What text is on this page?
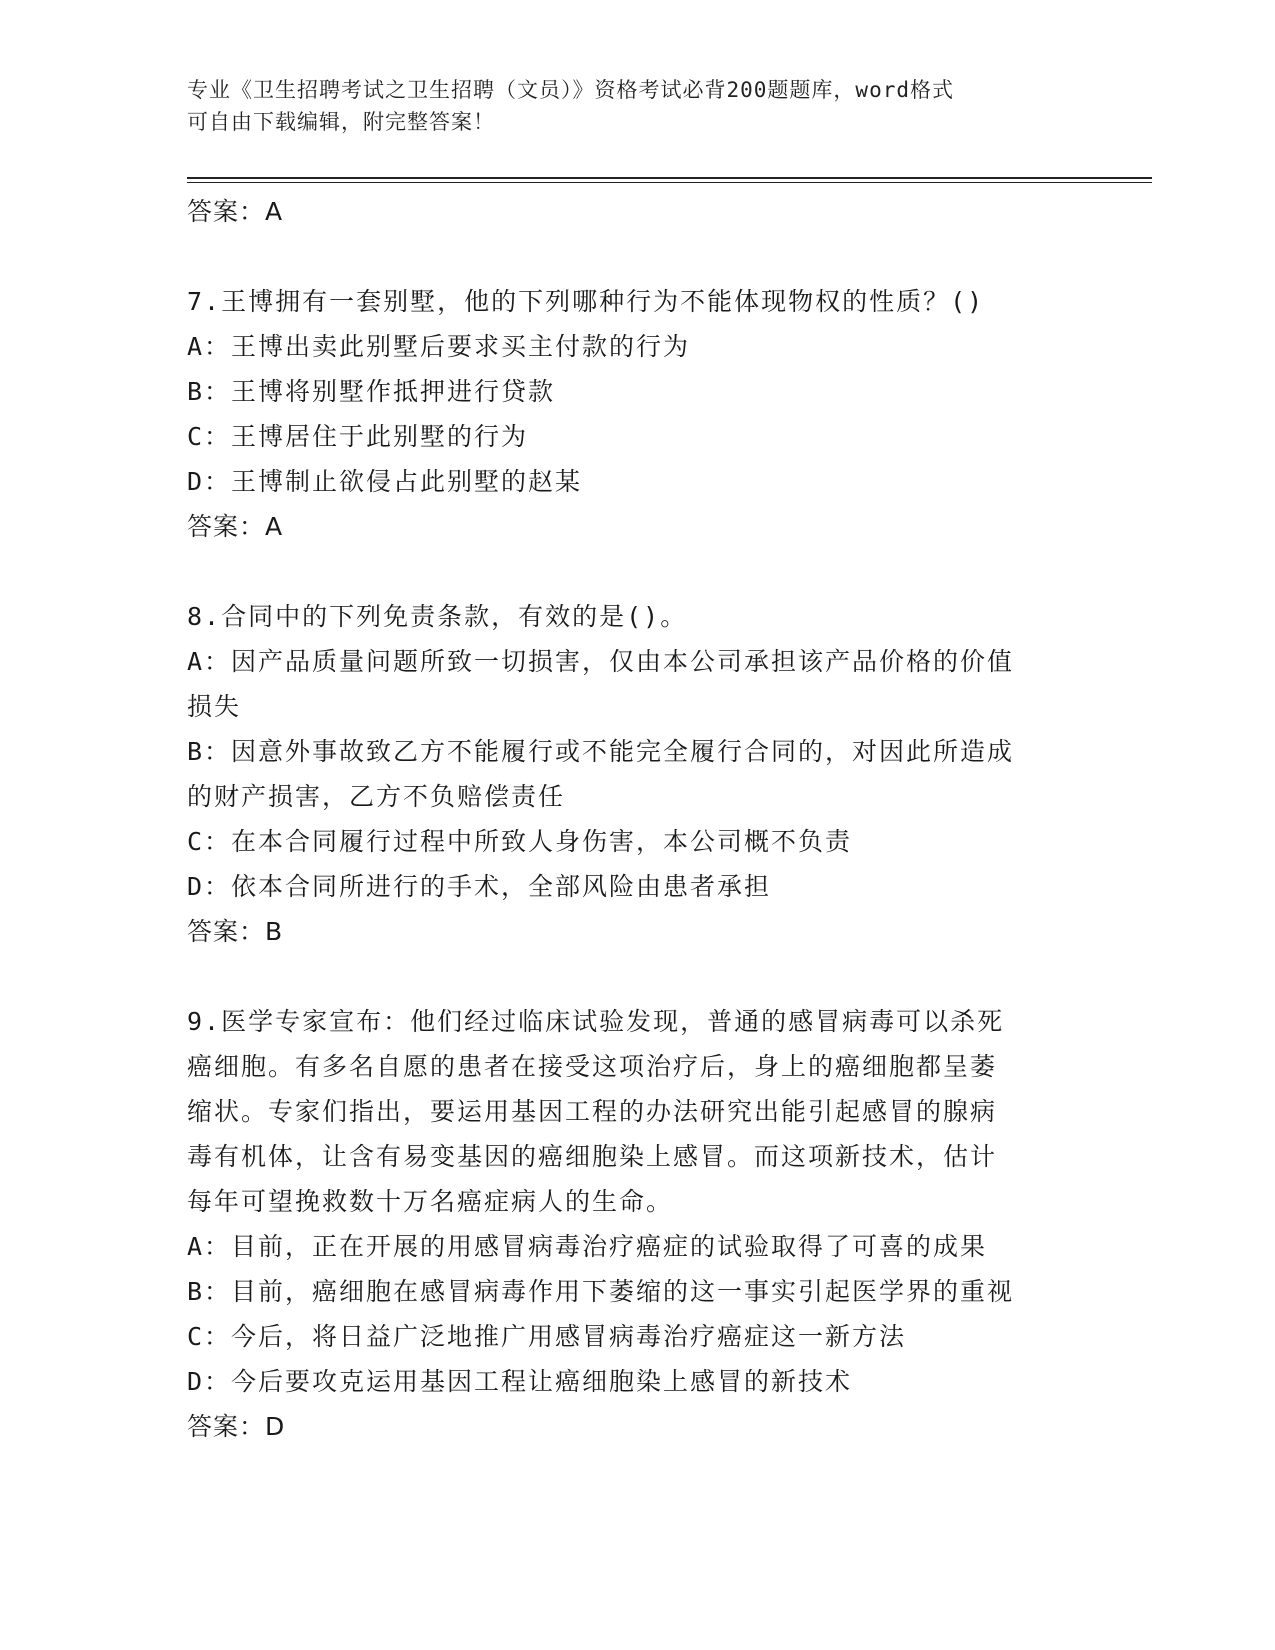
专业《卫生招聘考试之卫生招聘（文员）》资格考试必背200题题库，word格式
可自由下载编辑，附完整答案！

答案：A

7.王博拥有一套别墅，他的下列哪种行为不能体现物权的性质？()

A：王博出卖此别墅后要求买主付款的行为

B：王博将别墅作抵押进行贷款

C：王博居住于此别墅的行为

D：王博制止欲侵占此别墅的赵某

答案：A

8.合同中的下列免责条款，有效的是()。

A：因产品质量问题所致一切损害，仅由本公司承担该产品价格的价值

损失

B：因意外事故致乙方不能履行或不能完全履行合同的，对因此所造成

的财产损害，乙方不负赔偿责任

C：在本合同履行过程中所致人身伤害，本公司概不负责

D：依本合同所进行的手术，全部风险由患者承担

答案：B

9.医学专家宣布：他们经过临床试验发现，普通的感冒病毒可以杀死

癌细胞。有多名自愿的患者在接受这项治疗后，身上的癌细胞都呈萎

缩状。专家们指出，要运用基因工程的办法研究出能引起感冒的腺病

毒有机体，让含有易变基因的癌细胞染上感冒。而这项新技术，估计

每年可望挽救数十万名癌症病人的生命。

A：目前，正在开展的用感冒病毒治疗癌症的试验取得了可喜的成果

B：目前，癌细胞在感冒病毒作用下萎缩的这一事实引起医学界的重视

C：今后，将日益广泛地推广用感冒病毒治疗癌症这一新方法

D：今后要攻克运用基因工程让癌细胞染上感冒的新技术

答案：D
